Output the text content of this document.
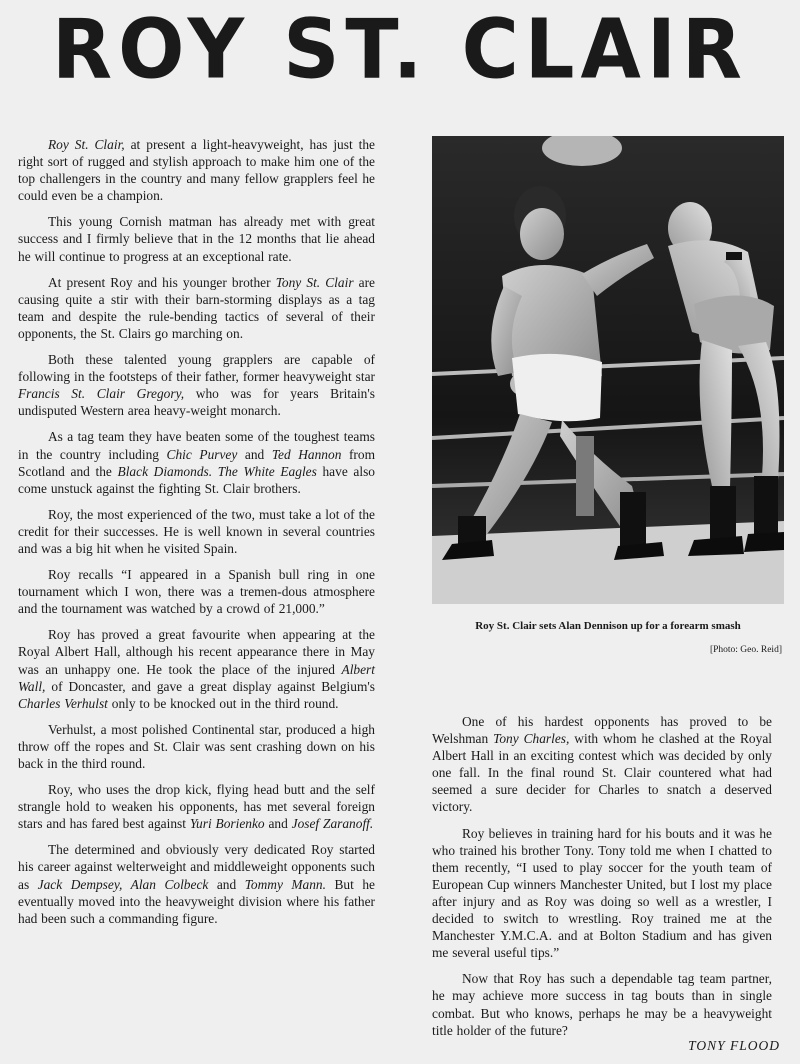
ROY ST. CLAIR

Roy St. Clair, at present a light-heavyweight, has just the right sort of rugged and stylish approach to make him one of the top challengers in the country and many fellow grapplers feel he could even be a champion.

This young Cornish matman has already met with great success and I firmly believe that in the 12 months that lie ahead he will continue to progress at an exceptional rate.

At present Roy and his younger brother Tony St. Clair are causing quite a stir with their barn-storming displays as a tag team and despite the rule-bending tactics of several of their opponents, the St. Clairs go marching on.

Both these talented young grapplers are capable of following in the footsteps of their father, former heavyweight star Francis St. Clair Gregory, who was for years Britain's undisputed Western area heavy-weight monarch.

As a tag team they have beaten some of the toughest teams in the country including Chic Purvey and Ted Hannon from Scotland and the Black Diamonds. The White Eagles have also come unstuck against the fighting St. Clair brothers.

Roy, the most experienced of the two, must take a lot of the credit for their successes. He is well known in several countries and was a big hit when he visited Spain.

Roy recalls “I appeared in a Spanish bull ring in one tournament which I won, there was a tremen-dous atmosphere and the tournament was watched by a crowd of 21,000.”

Roy has proved a great favourite when appearing at the Royal Albert Hall, although his recent appearance there in May was an unhappy one. He took the place of the injured Albert Wall, of Doncaster, and gave a great display against Belgium's Charles Verhulst only to be knocked out in the third round.

Verhulst, a most polished Continental star, produced a high throw off the ropes and St. Clair was sent crashing down on his back in the third round.

Roy, who uses the drop kick, flying head butt and the self strangle hold to weaken his opponents, has met several foreign stars and has fared best against Yuri Borienko and Josef Zaranoff.

The determined and obviously very dedicated Roy started his career against welterweight and middleweight opponents such as Jack Dempsey, Alan Colbeck and Tommy Mann. But he eventually moved into the heavyweight division where his father had been such a commanding figure.

Roy St. Clair sets Alan Dennison up for a forearm smash
[Photo: Geo. Reid]

One of his hardest opponents has proved to be Welshman Tony Charles, with whom he clashed at the Royal Albert Hall in an exciting contest which was decided by only one fall. In the final round St. Clair countered what had seemed a sure decider for Charles to snatch a deserved victory.

Roy believes in training hard for his bouts and it was he who trained his brother Tony. Tony told me when I chatted to them recently, “I used to play soccer for the youth team of European Cup winners Manchester United, but I lost my place after injury and as Roy was doing so well as a wrestler, I decided to switch to wrestling. Roy trained me at the Manchester Y.M.C.A. and at Bolton Stadium and has given me several useful tips.”

Now that Roy has such a dependable tag team partner, he may achieve more success in tag bouts than in single combat. But who knows, perhaps he may be a heavyweight title holder of the future?

TONY FLOOD
